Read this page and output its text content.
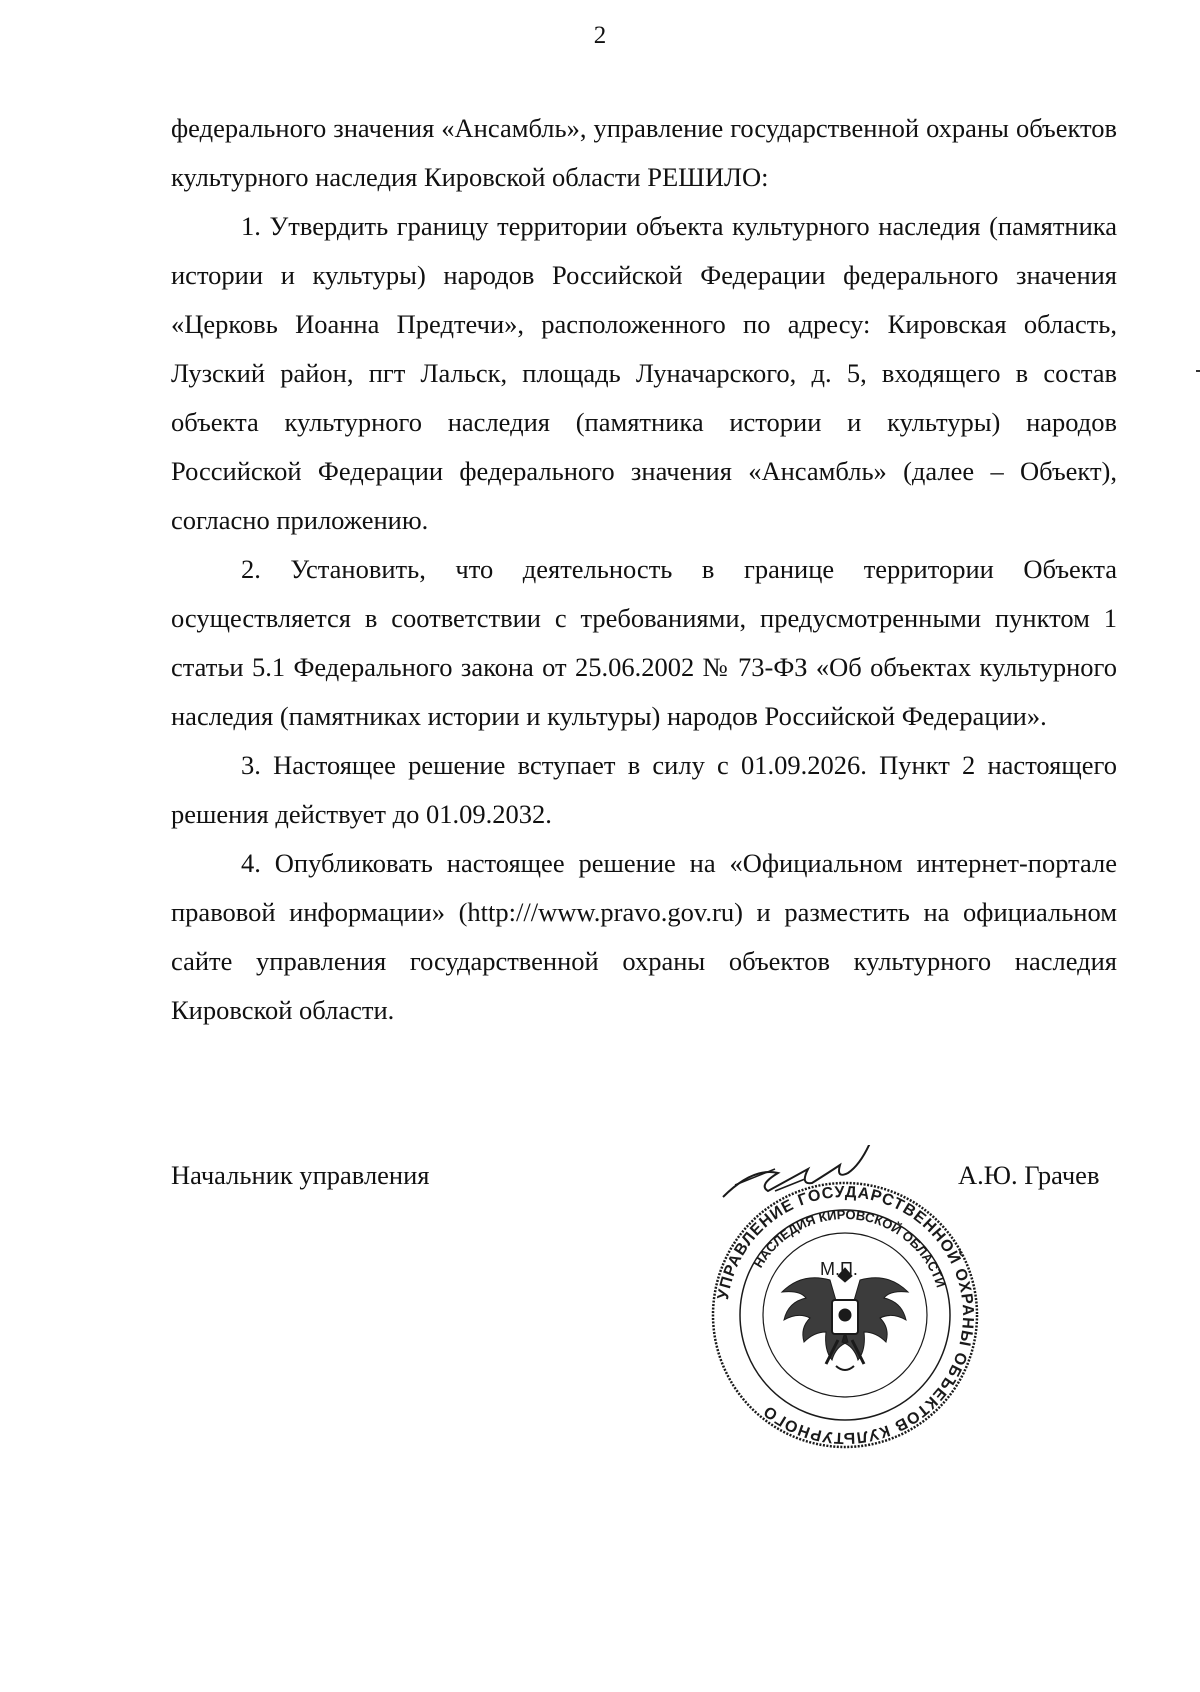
2

федерального значения «Ансамбль», управление государственной охраны объектов культурного наследия Кировской области РЕШИЛО:

1. Утвердить границу территории объекта культурного наследия (памятника истории и культуры) народов Российской Федерации федерального значения «Церковь Иоанна Предтечи», расположенного по адресу: Кировская область, Лузский район, пгт Лальск, площадь Луначарского, д. 5, входящего в состав объекта культурного наследия (памятника истории и культуры) народов Российской Федерации федерального значения «Ансамбль» (далее – Объект), согласно приложению.

2. Установить, что деятельность в границе территории Объекта осуществляется в соответствии с требованиями, предусмотренными пунктом 1 статьи 5.1 Федерального закона от 25.06.2002 № 73-ФЗ «Об объектах культурного наследия (памятниках истории и культуры) народов Российской Федерации».

3. Настоящее решение вступает в силу с 01.09.2026. Пункт 2 настоящего решения действует до 01.09.2032.

4. Опубликовать настоящее решение на «Официальном интернет-портале правовой информации» (http:///www.pravo.gov.ru) и разместить на официальном сайте управления государственной охраны объектов культурного наследия Кировской области.

Начальник управления	А.Ю. Грачев
УПРАВЛЕНИЕ ГОСУДАРСТВЕННОЙ ОХРАНЫ ОБЪЕКТОВ КУЛЬТУРНОГО
НАСЛЕДИЯ КИРОВСКОЙ ОБЛАСТИ
М.П.
